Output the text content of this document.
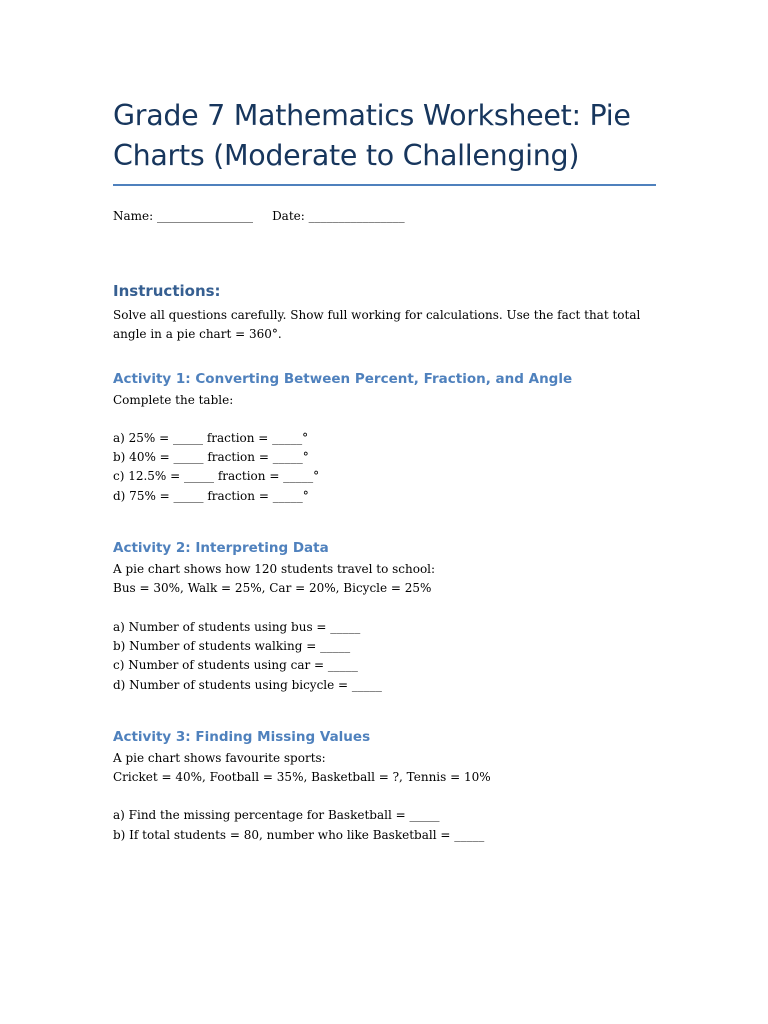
Grade 7 Mathematics Worksheet: Pie Charts (Moderate to Challenging)
Name: ________________     Date: ________________
Instructions:

Solve all questions carefully. Show full working for calculations. Use the fact that total angle in a pie chart = 360°.

Activity 1: Converting Between Percent, Fraction, and Angle

Complete the table:

a) 25% = _____ fraction = _____°

b) 40% = _____ fraction = _____°

c) 12.5% = _____ fraction = _____°

d) 75% = _____ fraction = _____°

Activity 2: Interpreting Data

A pie chart shows how 120 students travel to school:

Bus = 30%, Walk = 25%, Car = 20%, Bicycle = 25%

a) Number of students using bus = _____

b) Number of students walking = _____

c) Number of students using car = _____

d) Number of students using bicycle = _____

Activity 3: Finding Missing Values

A pie chart shows favourite sports:

Cricket = 40%, Football = 35%, Basketball = ?, Tennis = 10%

a) Find the missing percentage for Basketball = _____

b) If total students = 80, number who like Basketball = _____
